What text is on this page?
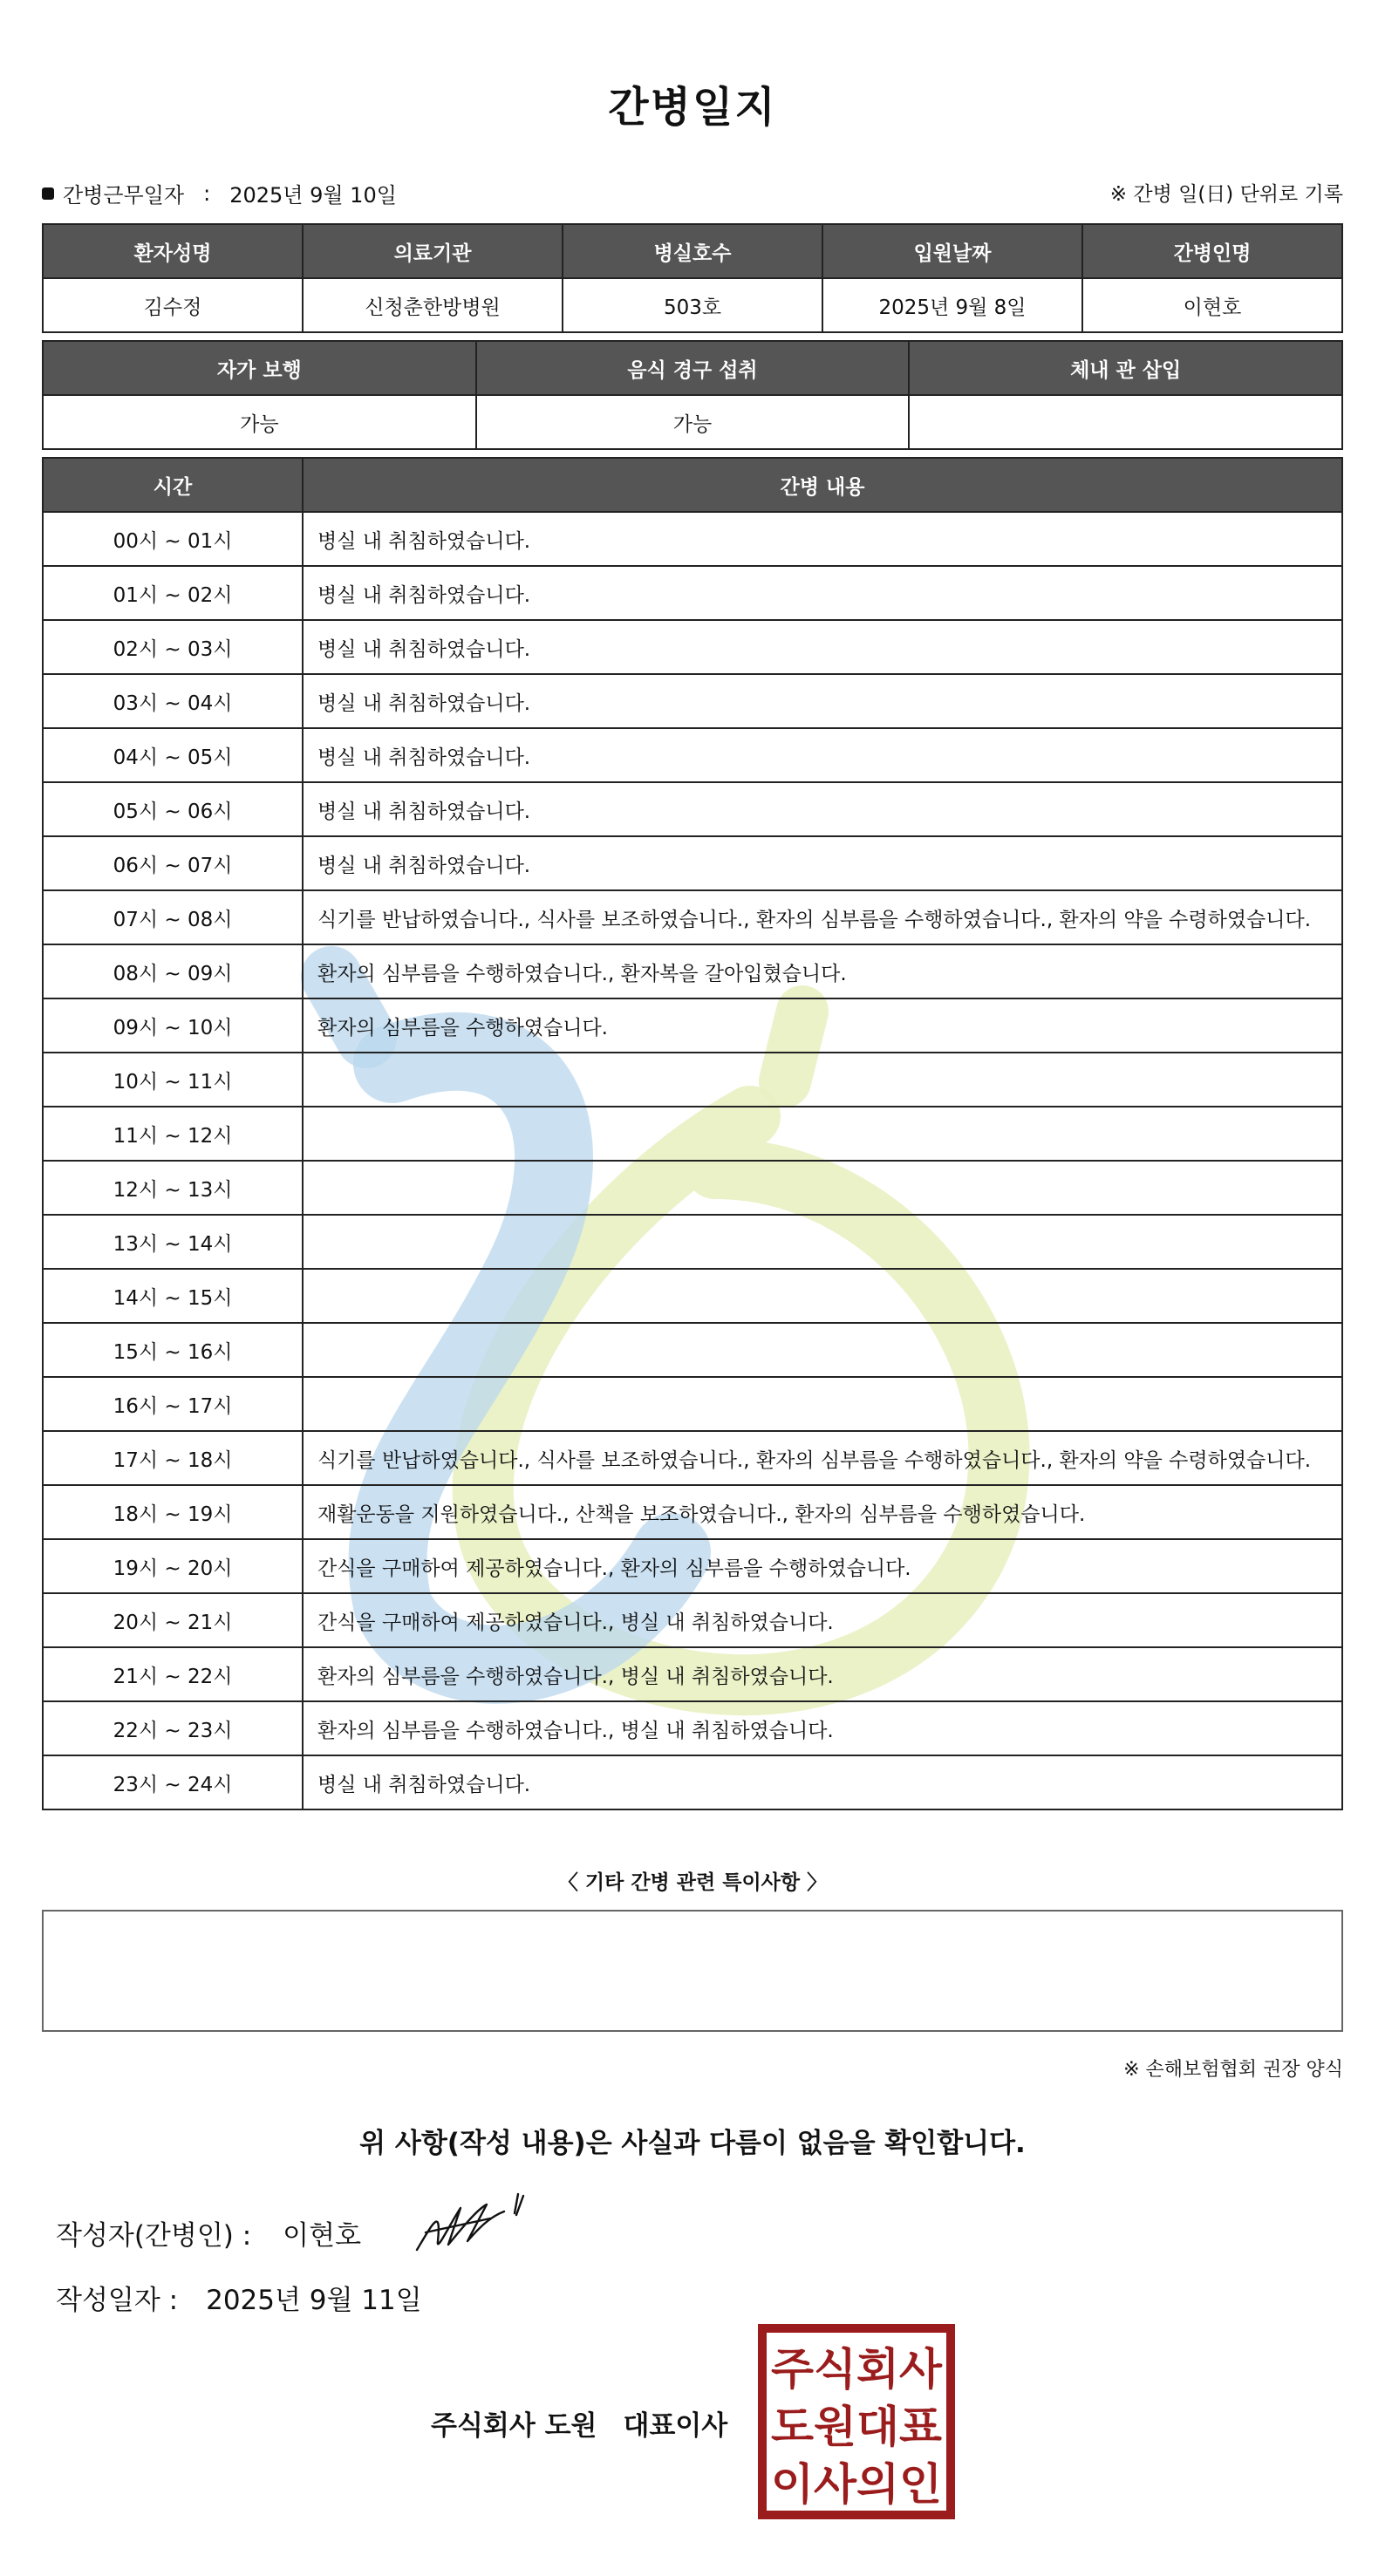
간병일지
간병근무일자 : 2025년 9월 10일	※ 간병 일(日) 단위로 기록
환자성명	의료기관	병실호수	입원날짜	간병인명
김수정	신청춘한방병원	503호	2025년 9월 8일	이현호
자가 보행	음식 경구 섭취	체내 관 삽입
가능	가능	
시간	간병 내용
00시 ~ 01시	병실 내 취침하였습니다.
01시 ~ 02시	병실 내 취침하였습니다.
02시 ~ 03시	병실 내 취침하였습니다.
03시 ~ 04시	병실 내 취침하였습니다.
04시 ~ 05시	병실 내 취침하였습니다.
05시 ~ 06시	병실 내 취침하였습니다.
06시 ~ 07시	병실 내 취침하였습니다.
07시 ~ 08시	식기를 반납하였습니다., 식사를 보조하였습니다., 환자의 심부름을 수행하였습니다., 환자의 약을 수령하였습니다.
08시 ~ 09시	환자의 심부름을 수행하였습니다., 환자복을 갈아입혔습니다.
09시 ~ 10시	환자의 심부름을 수행하였습니다.
10시 ~ 11시	
11시 ~ 12시	
12시 ~ 13시	
13시 ~ 14시	
14시 ~ 15시	
15시 ~ 16시	
16시 ~ 17시	
17시 ~ 18시	식기를 반납하였습니다., 식사를 보조하였습니다., 환자의 심부름을 수행하였습니다., 환자의 약을 수령하였습니다.
18시 ~ 19시	재활운동을 지원하였습니다., 산책을 보조하였습니다., 환자의 심부름을 수행하였습니다.
19시 ~ 20시	간식을 구매하여 제공하였습니다., 환자의 심부름을 수행하였습니다.
20시 ~ 21시	간식을 구매하여 제공하였습니다., 병실 내 취침하였습니다.
21시 ~ 22시	환자의 심부름을 수행하였습니다., 병실 내 취침하였습니다.
22시 ~ 23시	환자의 심부름을 수행하였습니다., 병실 내 취침하였습니다.
23시 ~ 24시	병실 내 취침하였습니다.
〈 기타 간병 관련 특이사항 〉
※ 손해보험협회 권장 양식
위 사항(작성 내용)은 사실과 다름이 없음을 확인합니다.
작성자(간병인) : 이현호
작성일자 : 2025년 9월 11일
주식회사 도원 대표이사
주식회사
도원대표
이사의인
